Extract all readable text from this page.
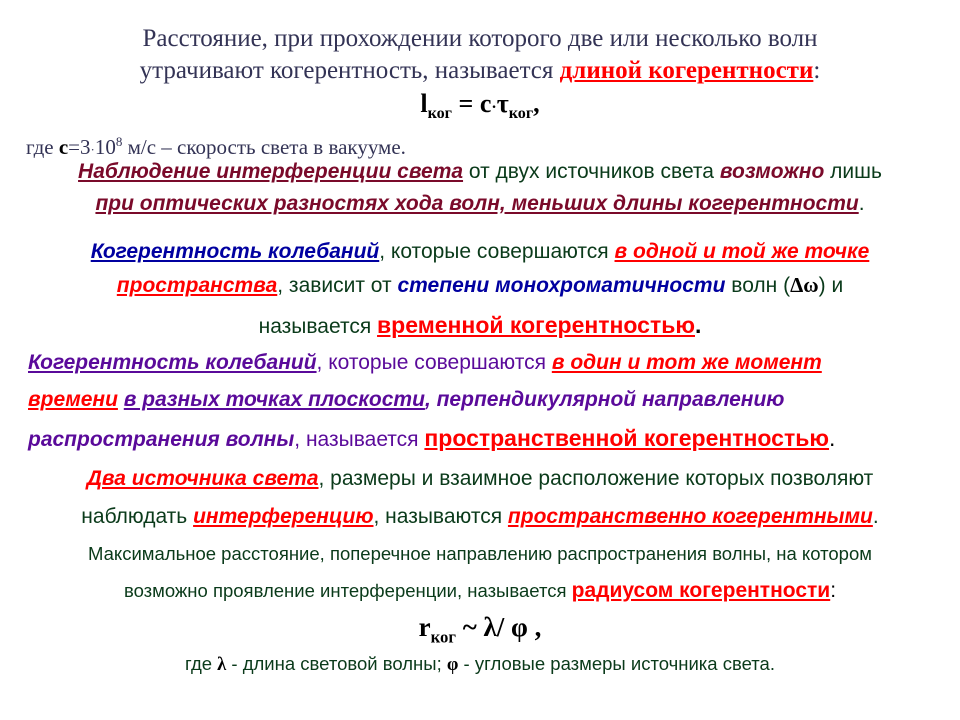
Расстояние, при прохождении которого две или несколько волн
утрачивают когерентность, называется длиной когерентности:
$l_{ког} = c\cdot\tau_{ког}$,
где $c=3\cdot 10^8$ м/с – скорость света в вакууме.
Наблюдение интерференции света от двух источников света возможно лишь
при оптических разностях хода волн, меньших длины когерентности.
Когерентность колебаний, которые совершаются в одной и той же точке
пространства, зависит от степени монохроматичности волн (Δω) и
называется временной когерентностью.
Когерентность колебаний, которые совершаются в один и тот же момент
времени в разных точках плоскости, перпендикулярной направлению
распространения волны, называется пространственной когерентностью.
Два источника света, размеры и взаимное расположение которых позволяют
наблюдать интерференцию, называются пространственно когерентными.
Максимальное расстояние, поперечное направлению распространения волны, на котором
возможно проявление интерференции, называется радиусом когерентности:
$r_{ког}$ ~ λ/ φ ,
где λ - длина световой волны; φ - угловые размеры источника света.
